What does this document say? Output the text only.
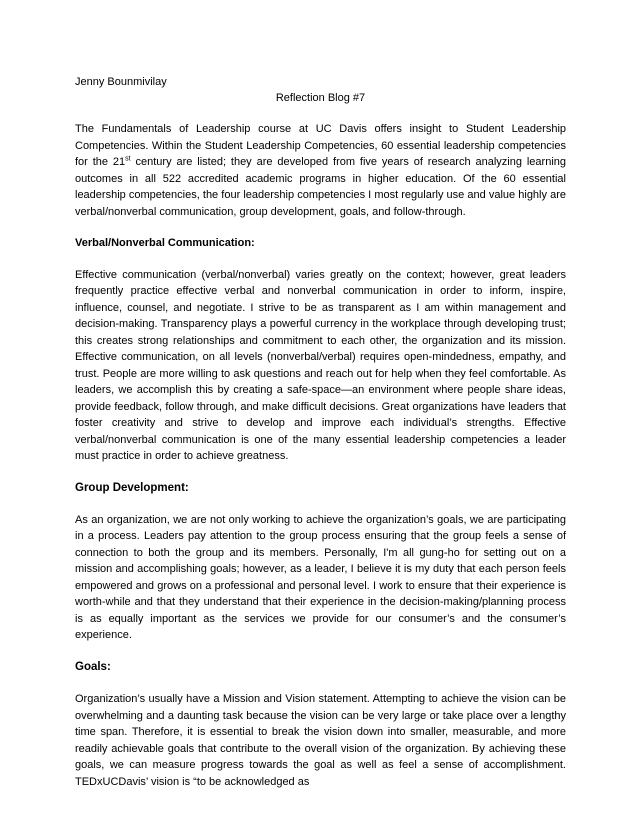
Jenny Bounmivilay
Reflection Blog #7

The Fundamentals of Leadership course at UC Davis offers insight to Student Leadership Competencies. Within the Student Leadership Competencies, 60 essential leadership competencies for the 21st century are listed; they are developed from five years of research analyzing learning outcomes in all 522 accredited academic programs in higher education. Of the 60 essential leadership competencies, the four leadership competencies I most regularly use and value highly are verbal/nonverbal communication, group development, goals, and follow-through.

Verbal/Nonverbal Communication:

Effective communication (verbal/nonverbal) varies greatly on the context; however, great leaders frequently practice effective verbal and nonverbal communication in order to inform, inspire, influence, counsel, and negotiate. I strive to be as transparent as I am within management and decision-making. Transparency plays a powerful currency in the workplace through developing trust; this creates strong relationships and commitment to each other, the organization and its mission. Effective communication, on all levels (nonverbal/verbal) requires open-mindedness, empathy, and trust. People are more willing to ask questions and reach out for help when they feel comfortable. As leaders, we accomplish this by creating a safe-space—an environment where people share ideas, provide feedback, follow through, and make difficult decisions. Great organizations have leaders that foster creativity and strive to develop and improve each individual’s strengths. Effective verbal/nonverbal communication is one of the many essential leadership competencies a leader must practice in order to achieve greatness.

Group Development:

As an organization, we are not only working to achieve the organization’s goals, we are participating in a process. Leaders pay attention to the group process ensuring that the group feels a sense of connection to both the group and its members. Personally, I'm all gung-ho for setting out on a mission and accomplishing goals; however, as a leader, I believe it is my duty that each person feels empowered and grows on a professional and personal level. I work to ensure that their experience is worth-while and that they understand that their experience in the decision-making/planning process is as equally important as the services we provide for our consumer’s and the consumer’s experience.

Goals:

Organization’s usually have a Mission and Vision statement. Attempting to achieve the vision can be overwhelming and a daunting task because the vision can be very large or take place over a lengthy time span. Therefore, it is essential to break the vision down into smaller, measurable, and more readily achievable goals that contribute to the overall vision of the organization. By achieving these goals, we can measure progress towards the goal as well as feel a sense of accomplishment. TEDxUCDavis’ vision is “to be acknowledged as
